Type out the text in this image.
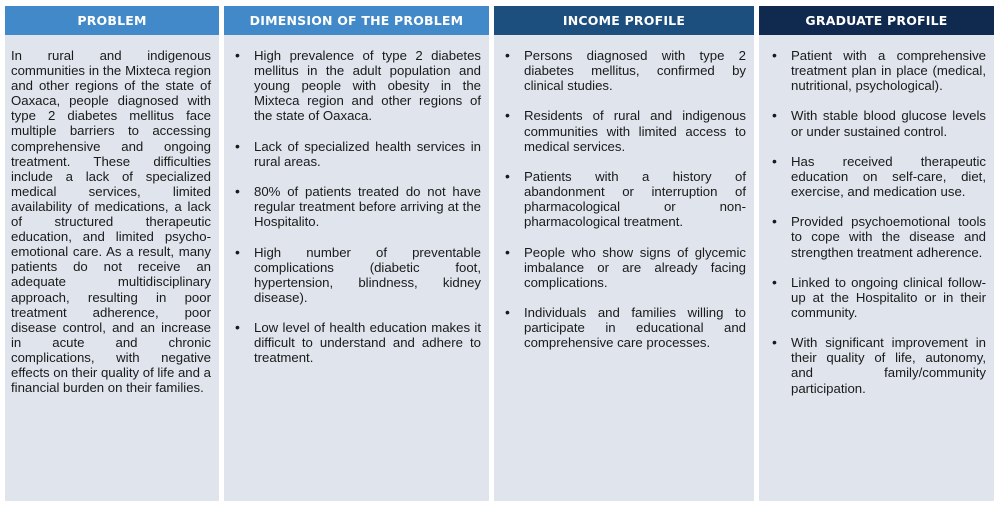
PROBLEM

In rural and indigenous communities in the Mixteca region and other regions of the state of Oaxaca, people diagnosed with type 2 diabetes mellitus face multiple barriers to accessing comprehensive and ongoing treatment. These difficulties include a lack of specialized medical services, limited availability of medications, a lack of structured therapeutic education, and limited psycho-emotional care. As a result, many patients do not receive an adequate multidisciplinary approach, resulting in poor treatment adherence, poor disease control, and an increase in acute and chronic complications, with negative effects on their quality of life and a financial burden on their families.

DIMENSION OF THE PROBLEM
• High prevalence of type 2 diabetes mellitus in the adult population and young people with obesity in the Mixteca region and other regions of the state of Oaxaca.
• Lack of specialized health services in rural areas.
• 80% of patients treated do not have regular treatment before arriving at the Hospitalito.
• High number of preventable complications (diabetic foot, hypertension, blindness, kidney disease).
• Low level of health education makes it difficult to understand and adhere to treatment.
INCOME PROFILE
• Persons diagnosed with type 2 diabetes mellitus, confirmed by clinical studies.
• Residents of rural and indigenous communities with limited access to medical services.
• Patients with a history of abandonment or interruption of pharmacological or non-pharmacological treatment.
• People who show signs of glycemic imbalance or are already facing complications.
• Individuals and families willing to participate in educational and comprehensive care processes.
GRADUATE PROFILE
• Patient with a comprehensive treatment plan in place (medical, nutritional, psychological).
• With stable blood glucose levels or under sustained control.
• Has received therapeutic education on self-care, diet, exercise, and medication use.
• Provided psychoemotional tools to cope with the disease and strengthen treatment adherence.
• Linked to ongoing clinical follow-up at the Hospitalito or in their community.
• With significant improvement in their quality of life, autonomy, and family/community participation.
